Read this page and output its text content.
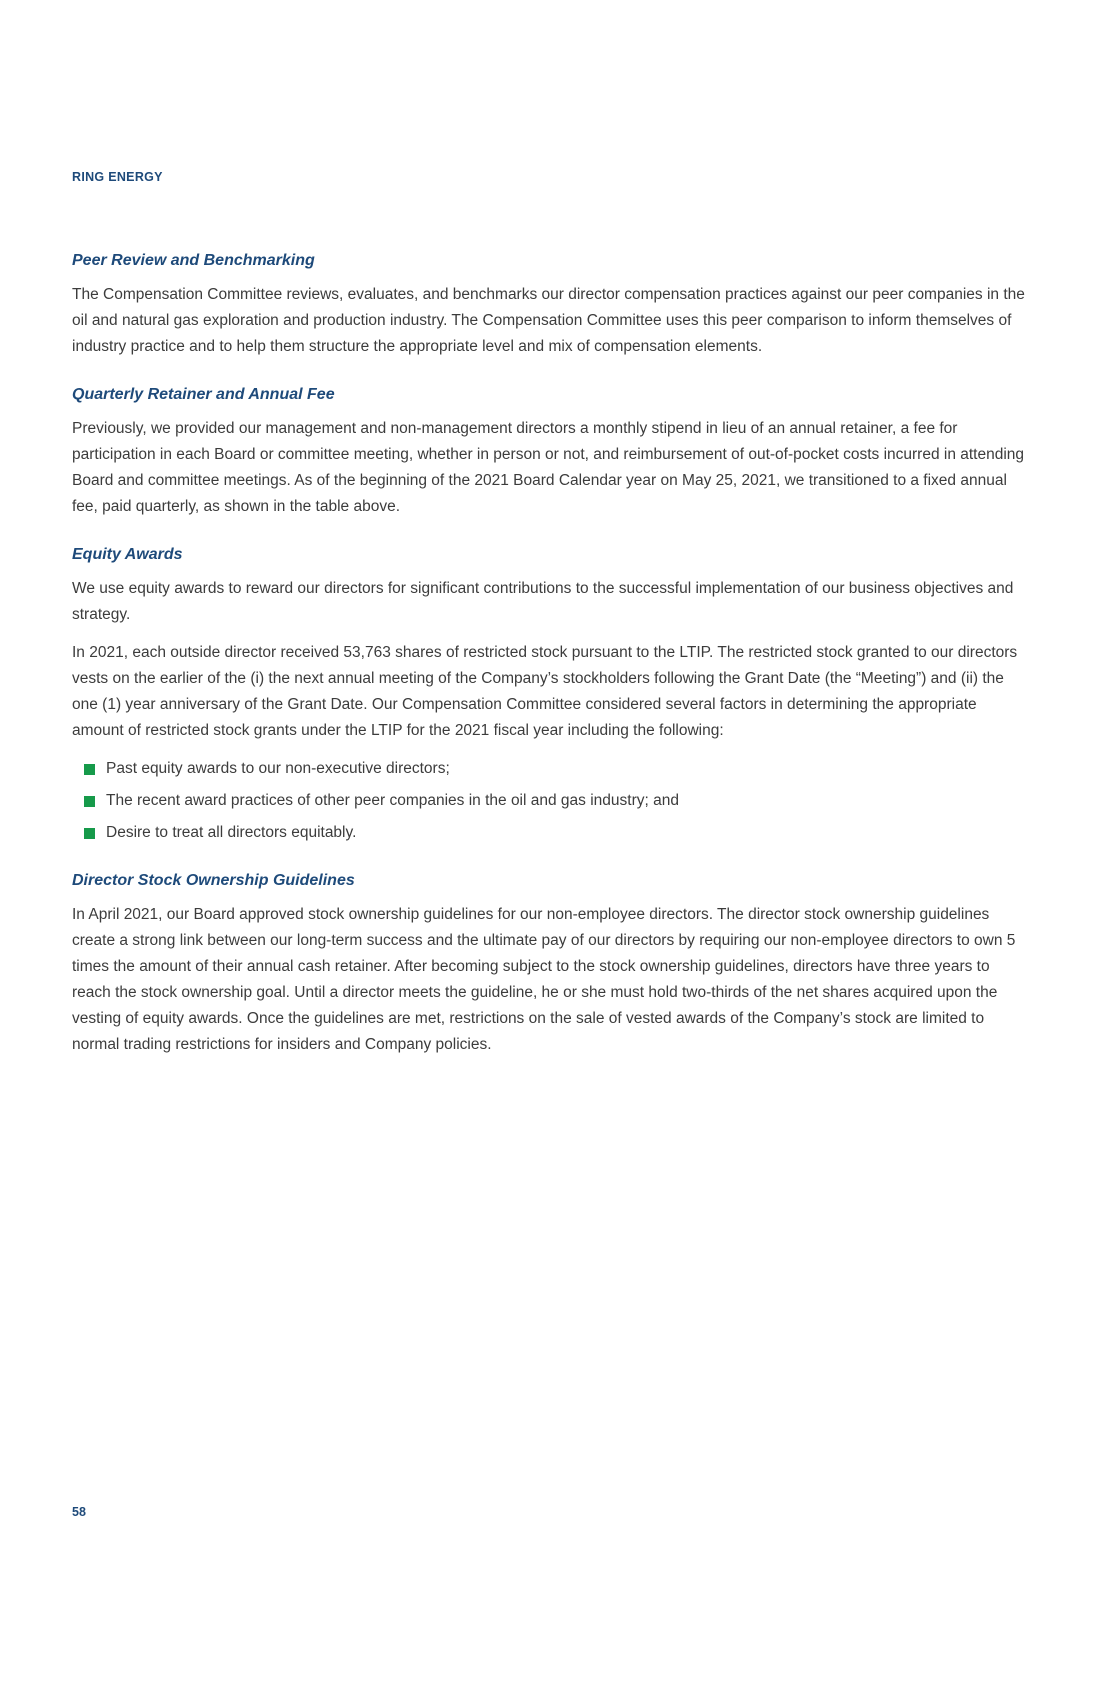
RING ENERGY
Peer Review and Benchmarking

The Compensation Committee reviews, evaluates, and benchmarks our director compensation practices against our peer companies in the oil and natural gas exploration and production industry. The Compensation Committee uses this peer comparison to inform themselves of industry practice and to help them structure the appropriate level and mix of compensation elements.

Quarterly Retainer and Annual Fee

Previously, we provided our management and non-management directors a monthly stipend in lieu of an annual retainer, a fee for participation in each Board or committee meeting, whether in person or not, and reimbursement of out-of-pocket costs incurred in attending Board and committee meetings. As of the beginning of the 2021 Board Calendar year on May 25, 2021, we transitioned to a fixed annual fee, paid quarterly, as shown in the table above.

Equity Awards

We use equity awards to reward our directors for significant contributions to the successful implementation of our business objectives and strategy.

In 2021, each outside director received 53,763 shares of restricted stock pursuant to the LTIP. The restricted stock granted to our directors vests on the earlier of the (i) the next annual meeting of the Company’s stockholders following the Grant Date (the “Meeting”) and (ii) the one (1) year anniversary of the Grant Date. Our Compensation Committee considered several factors in determining the appropriate amount of restricted stock grants under the LTIP for the 2021 fiscal year including the following:

Past equity awards to our non-executive directors;
The recent award practices of other peer companies in the oil and gas industry; and
Desire to treat all directors equitably.
Director Stock Ownership Guidelines

In April 2021, our Board approved stock ownership guidelines for our non-employee directors. The director stock ownership guidelines create a strong link between our long-term success and the ultimate pay of our directors by requiring our non-employee directors to own 5 times the amount of their annual cash retainer. After becoming subject to the stock ownership guidelines, directors have three years to reach the stock ownership goal. Until a director meets the guideline, he or she must hold two-thirds of the net shares acquired upon the vesting of equity awards. Once the guidelines are met, restrictions on the sale of vested awards of the Company’s stock are limited to normal trading restrictions for insiders and Company policies.

58
